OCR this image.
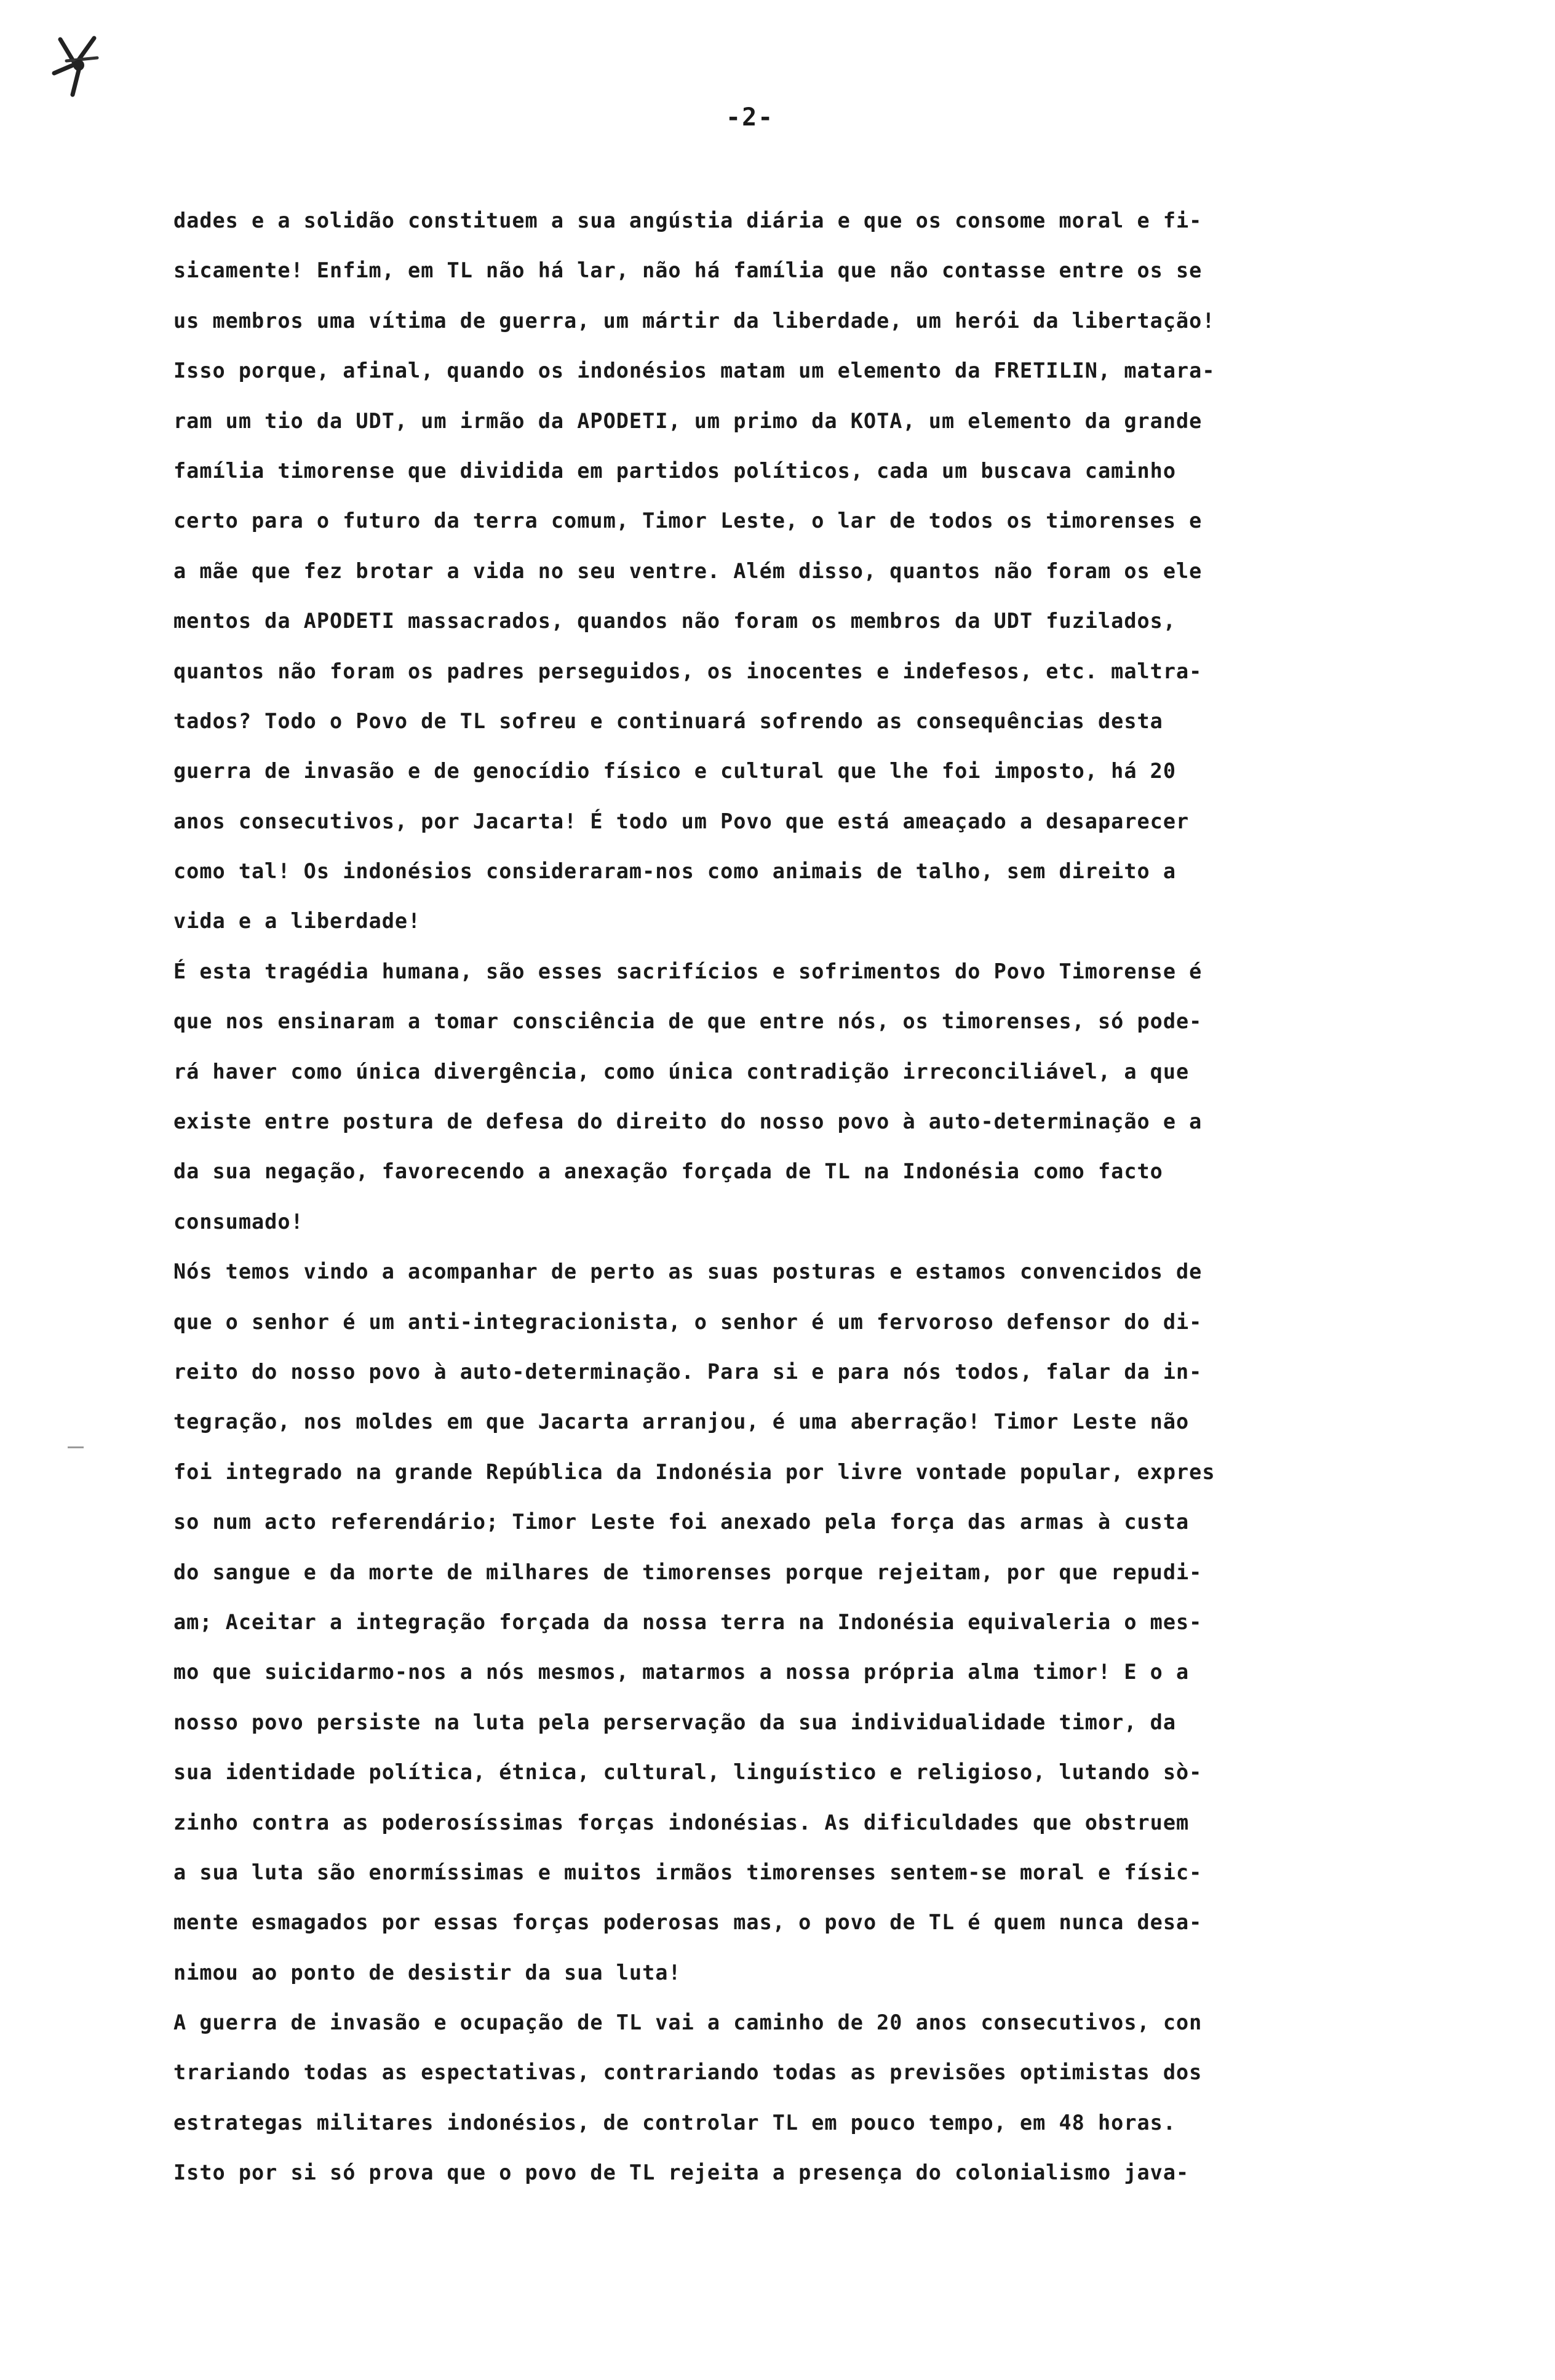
-2-
dades e a solidão constituem a sua angústia diária e que os consome moral e fi-
sicamente! Enfim, em TL não há lar, não há família que não contasse entre os se
us membros uma vítima de guerra, um mártir da liberdade, um herói da libertação!
Isso porque, afinal, quando os indonésios matam um elemento da FRETILIN, matara-
ram um tio da UDT, um irmão da APODETI, um primo da KOTA, um elemento da grande
família timorense que dividida em partidos políticos, cada um buscava caminho
certo para o futuro da terra comum, Timor Leste, o lar de todos os timorenses e
a mãe que fez brotar a vida no seu ventre. Além disso, quantos não foram os ele
mentos da APODETI massacrados, quandos não foram os membros da UDT fuzilados,
quantos não foram os padres perseguidos, os inocentes e indefesos, etc. maltra-
tados? Todo o Povo de TL sofreu e continuará sofrendo as consequências desta
guerra de invasão e de genocídio físico e cultural que lhe foi imposto, há 20
anos consecutivos, por Jacarta! É todo um Povo que está ameaçado a desaparecer
como tal! Os indonésios consideraram-nos como animais de talho, sem direito a
vida e a liberdade!
É esta tragédia humana, são esses sacrifícios e sofrimentos do Povo Timorense é
que nos ensinaram a tomar consciência de que entre nós, os timorenses, só pode-
rá haver como única divergência, como única contradição irreconciliável, a que
existe entre postura de defesa do direito do nosso povo à auto-determinação e a
da sua negação, favorecendo a anexação forçada de TL na Indonésia como facto
consumado!
Nós temos vindo a acompanhar de perto as suas posturas e estamos convencidos de
que o senhor é um anti-integracionista, o senhor é um fervoroso defensor do di-
reito do nosso povo à auto-determinação. Para si e para nós todos, falar da in-
tegração, nos moldes em que Jacarta arranjou, é uma aberração! Timor Leste não
foi integrado na grande República da Indonésia por livre vontade popular, expres
so num acto referendário; Timor Leste foi anexado pela força das armas à custa
do sangue e da morte de milhares de timorenses porque rejeitam, por que repudi-
am; Aceitar a integração forçada da nossa terra na Indonésia equivaleria o mes-
mo que suicidarmo-nos a nós mesmos, matarmos a nossa própria alma timor! E o a
nosso povo persiste na luta pela perservação da sua individualidade timor, da
sua identidade política, étnica, cultural, linguístico e religioso, lutando sò-
zinho contra as poderosíssimas forças indonésias. As dificuldades que obstruem
a sua luta são enormíssimas e muitos irmãos timorenses sentem-se moral e físic-
mente esmagados por essas forças poderosas mas, o povo de TL é quem nunca desa-
nimou ao ponto de desistir da sua luta!
A guerra de invasão e ocupação de TL vai a caminho de 20 anos consecutivos, con
trariando todas as espectativas, contrariando todas as previsões optimistas dos
estrategas militares indonésios, de controlar TL em pouco tempo, em 48 horas.
Isto por si só prova que o povo de TL rejeita a presença do colonialismo java-
